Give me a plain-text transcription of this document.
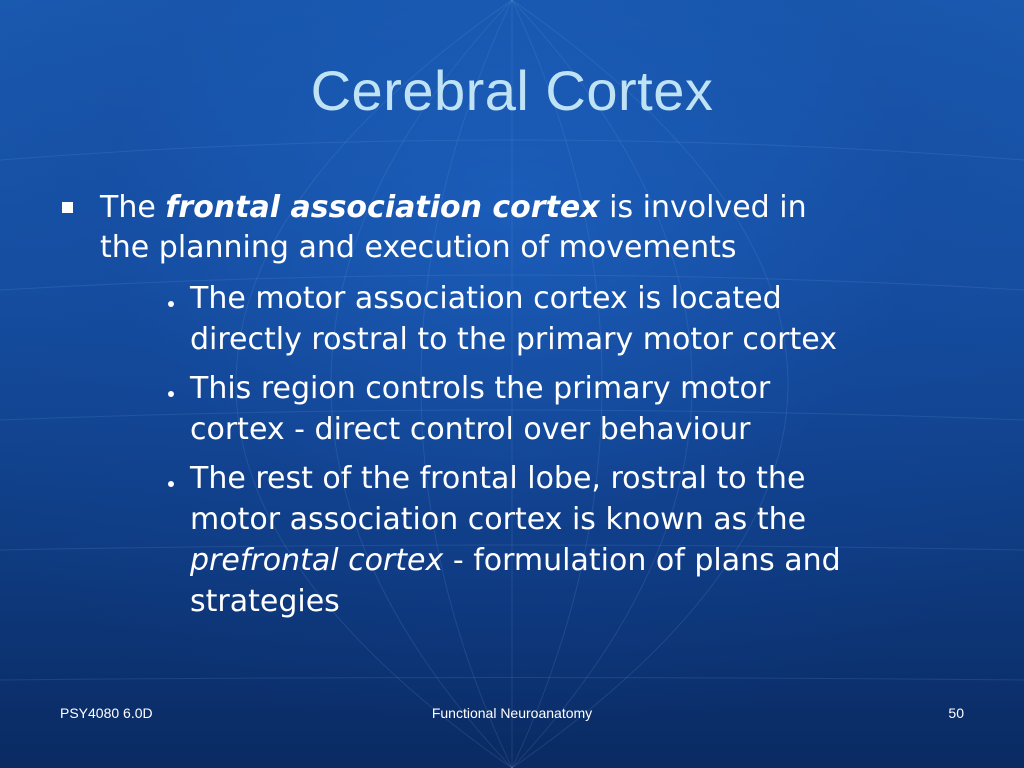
Cerebral Cortex
The frontal association cortex is involved in
the planning and execution of movements
The motor association cortex is located
directly rostral to the primary motor cortex
This region controls the primary motor
cortex - direct control over behaviour
The rest of the frontal lobe, rostral to the
motor association cortex is known as the
prefrontal cortex - formulation of plans and
strategies
PSY4080 6.0D	Functional Neuroanatomy	50
